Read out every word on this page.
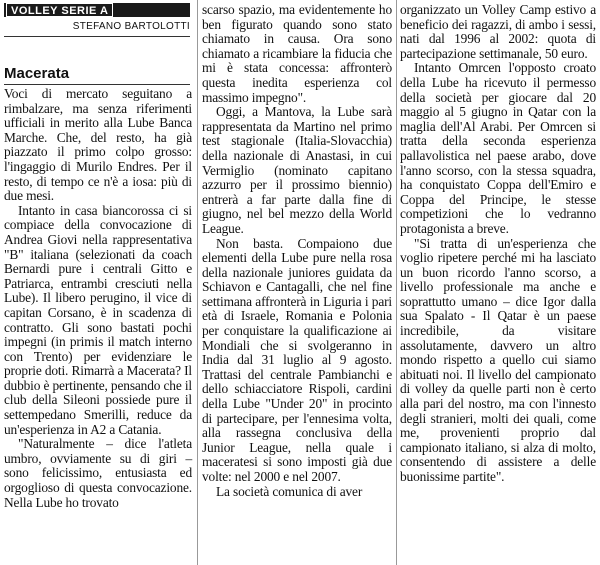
VOLLEY SERIE A
STEFANO BARTOLOTTI
Macerata

Voci di mercato seguitano a rimbalzare, ma senza riferimenti ufficiali in merito alla Lube Banca Marche. Che, del resto, ha già piazzato il primo colpo grosso: l'ingaggio di Murilo Endres. Per il resto, di tempo ce n'è a iosa: più di due mesi.

Intanto in casa biancorossa ci si compiace della convocazione di Andrea Giovi nella rappresentativa "B" italiana (selezionati da coach Bernardi pure i centrali Gitto e Patriarca, entrambi cresciuti nella Lube). Il libero perugino, il vice di capitan Corsano, è in scadenza di contratto. Gli sono bastati pochi impegni (in primis il match interno con Trento) per evidenziare le proprie doti. Rimarrà a Macerata? Il dubbio è pertinente, pensando che il club della Sileoni possiede pure il settempedano Smerilli, reduce da un'esperienza in A2 a Catania.

"Naturalmente – dice l'atleta umbro, ovviamente su di giri – sono felicissimo, entusiasta ed orgoglioso di questa convocazione. Nella Lube ho trovato

scarso spazio, ma evidentemente ho ben figurato quando sono stato chiamato in causa. Ora sono chiamato a ricambiare la fiducia che mi è stata concessa: affronterò questa inedita esperienza col massimo impegno".

Oggi, a Mantova, la Lube sarà rappresentata da Martino nel primo test stagionale (Italia-Slovacchia) della nazionale di Anastasi, in cui Vermiglio (nominato capitano azzurro per il prossimo biennio) entrerà a far parte dalla fine di giugno, nel bel mezzo della World League.

Non basta. Compaiono due elementi della Lube pure nella rosa della nazionale juniores guidata da Schiavon e Cantagalli, che nel fine settimana affronterà in Liguria i pari età di Israele, Romania e Polonia per conquistare la qualificazione ai Mondiali che si svolgeranno in India dal 31 luglio al 9 agosto. Trattasi del centrale Pambianchi e dello schiacciatore Rispoli, cardini della Lube "Under 20" in procinto di partecipare, per l'ennesima volta, alla rassegna conclusiva della Junior League, nella quale i maceratesi si sono imposti già due volte: nel 2000 e nel 2007.

La società comunica di aver

organizzato un Volley Camp estivo a beneficio dei ragazzi, di ambo i sessi, nati dal 1996 al 2002: quota di partecipazione settimanale, 50 euro.

Intanto Omrcen l'opposto croato della Lube ha ricevuto il permesso della società per giocare dal 20 maggio al 5 giugno in Qatar con la maglia dell'Al Arabi. Per Omrcen si tratta della seconda esperienza pallavolistica nel paese arabo, dove l'anno scorso, con la stessa squadra, ha conquistato Coppa dell'Emiro e Coppa del Principe, le stesse competizioni che lo vedranno protagonista a breve.

"Si tratta di un'esperienza che voglio ripetere perché mi ha lasciato un buon ricordo l'anno scorso, a livello professionale ma anche e soprattutto umano – dice Igor dalla sua Spalato - Il Qatar è un paese incredibile, da visitare assolutamente, davvero un altro mondo rispetto a quello cui siamo abituati noi. Il livello del campionato di volley da quelle parti non è certo alla pari del nostro, ma con l'innesto degli stranieri, molti dei quali, come me, provenienti proprio dal campionato italiano, si alza di molto, consentendo di assistere a delle buonissime partite".
